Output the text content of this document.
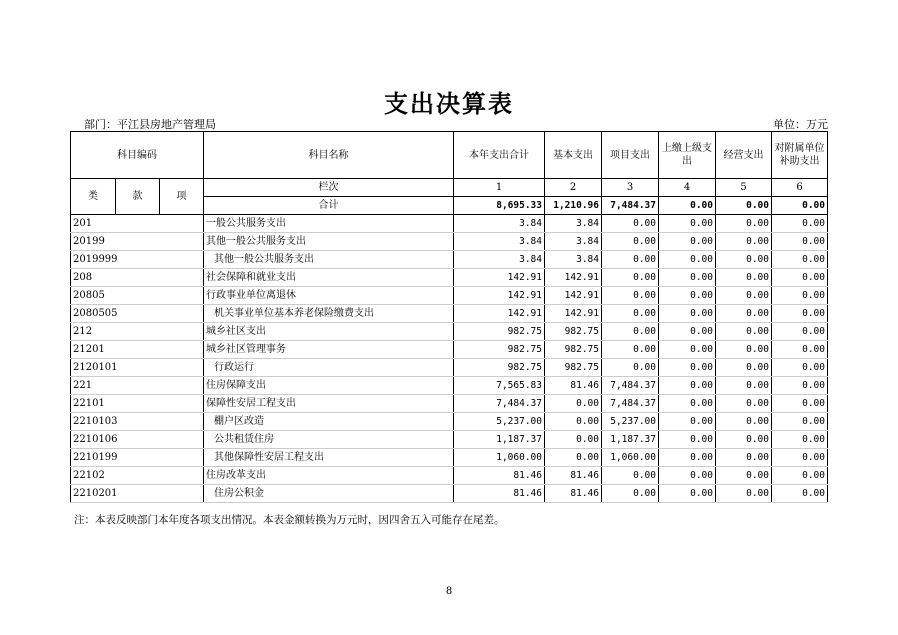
支出决算表
部门：平江县房地产管理局	单位：万元
科目编码			科目名称	本年支出合计	基本支出	项目支出	上缴上级支出	经营支出	对附属单位补助支出
类	款	项	栏次	1	2	3	4	5	6
			合计	8,695.33	1,210.96	7,484.37	0.00	0.00	0.00
201			一般公共服务支出	3.84	3.84	0.00	0.00	0.00	0.00
20199			其他一般公共服务支出	3.84	3.84	0.00	0.00	0.00	0.00
2019999			其他一般公共服务支出	3.84	3.84	0.00	0.00	0.00	0.00
208			社会保障和就业支出	142.91	142.91	0.00	0.00	0.00	0.00
20805			行政事业单位离退休	142.91	142.91	0.00	0.00	0.00	0.00
2080505			机关事业单位基本养老保险缴费支出	142.91	142.91	0.00	0.00	0.00	0.00
212			城乡社区支出	982.75	982.75	0.00	0.00	0.00	0.00
21201			城乡社区管理事务	982.75	982.75	0.00	0.00	0.00	0.00
2120101			行政运行	982.75	982.75	0.00	0.00	0.00	0.00
221			住房保障支出	7,565.83	81.46	7,484.37	0.00	0.00	0.00
22101			保障性安居工程支出	7,484.37	0.00	7,484.37	0.00	0.00	0.00
2210103			棚户区改造	5,237.00	0.00	5,237.00	0.00	0.00	0.00
2210106			公共租赁住房	1,187.37	0.00	1,187.37	0.00	0.00	0.00
2210199			其他保障性安居工程支出	1,060.00	0.00	1,060.00	0.00	0.00	0.00
22102			住房改革支出	81.46	81.46	0.00	0.00	0.00	0.00
2210201			住房公积金	81.46	81.46	0.00	0.00	0.00	0.00
注：本表反映部门本年度各项支出情况。本表金额转换为万元时，因四舍五入可能存在尾差。
8
